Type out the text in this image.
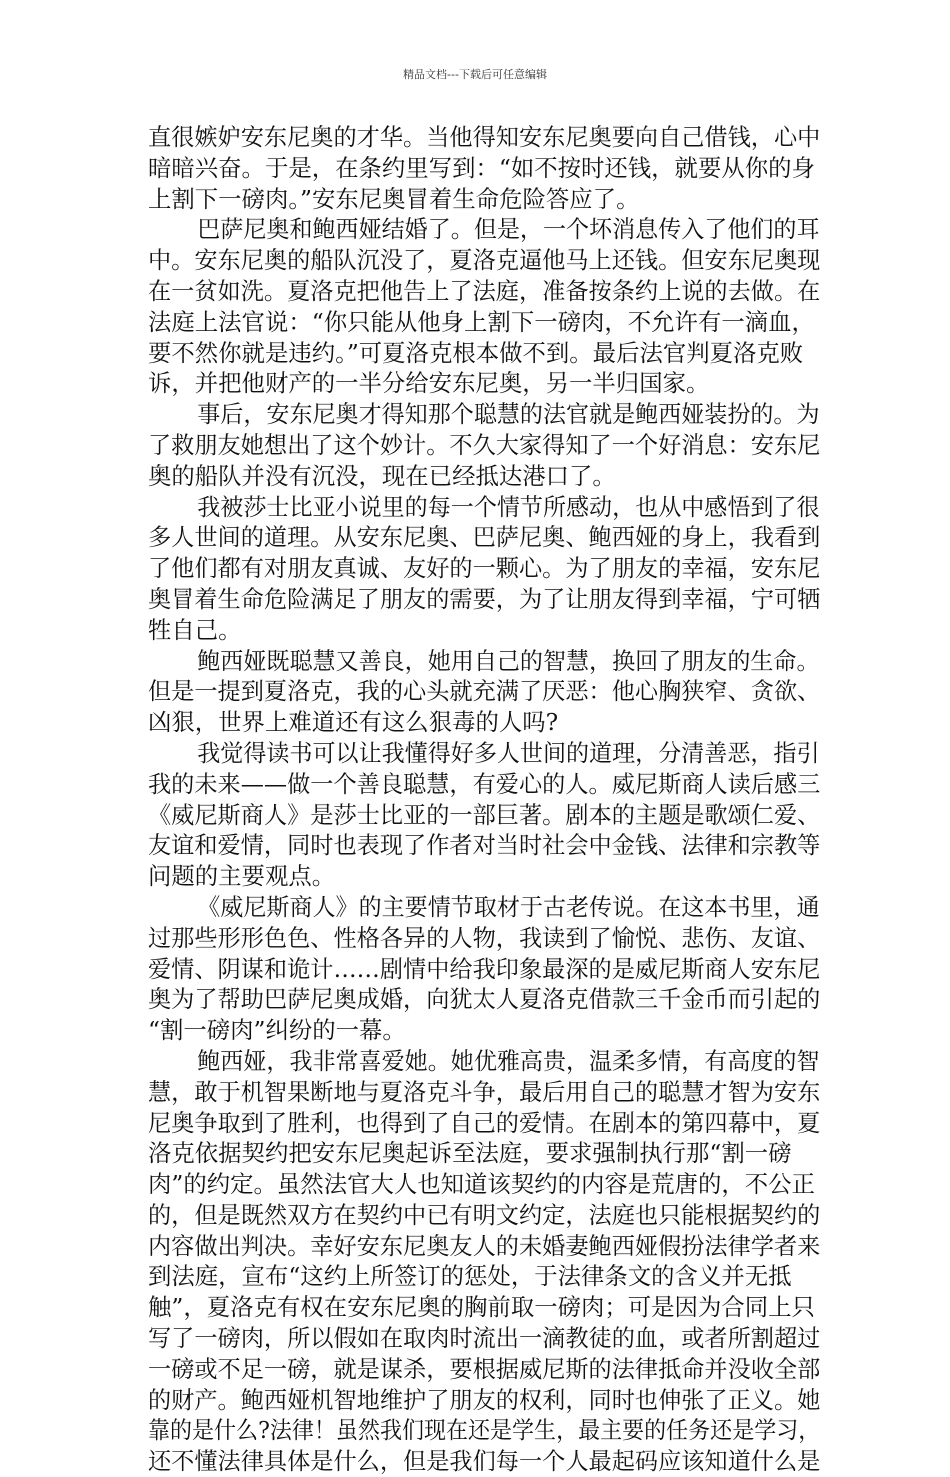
精品文档---下载后可任意编辑
直很嫉妒安东尼奥的才华。当他得知安东尼奥要向自己借钱，心中
暗暗兴奋。于是，在条约里写到：“如不按时还钱，就要从你的身
上割下一磅肉。”安东尼奥冒着生命危险答应了。
巴萨尼奥和鲍西娅结婚了。但是，一个坏消息传入了他们的耳
中。安东尼奥的船队沉没了，夏洛克逼他马上还钱。但安东尼奥现
在一贫如洗。夏洛克把他告上了法庭，准备按条约上说的去做。在
法庭上法官说：“你只能从他身上割下一磅肉，不允许有一滴血，
要不然你就是违约。”可夏洛克根本做不到。最后法官判夏洛克败
诉，并把他财产的一半分给安东尼奥，另一半归国家。
事后，安东尼奥才得知那个聪慧的法官就是鲍西娅装扮的。为
了救朋友她想出了这个妙计。不久大家得知了一个好消息：安东尼
奥的船队并没有沉没，现在已经抵达港口了。
我被莎士比亚小说里的每一个情节所感动，也从中感悟到了很
多人世间的道理。从安东尼奥、巴萨尼奥、鲍西娅的身上，我看到
了他们都有对朋友真诚、友好的一颗心。为了朋友的幸福，安东尼
奥冒着生命危险满足了朋友的需要，为了让朋友得到幸福，宁可牺
牲自己。
鲍西娅既聪慧又善良，她用自己的智慧，换回了朋友的生命。
但是一提到夏洛克，我的心头就充满了厌恶：他心胸狭窄、贪欲、
凶狠，世界上难道还有这么狠毒的人吗?
我觉得读书可以让我懂得好多人世间的道理，分清善恶，指引
我的未来——做一个善良聪慧，有爱心的人。威尼斯商人读后感三
《威尼斯商人》是莎士比亚的一部巨著。剧本的主题是歌颂仁爱、
友谊和爱情，同时也表现了作者对当时社会中金钱、法律和宗教等
问题的主要观点。
《威尼斯商人》的主要情节取材于古老传说。在这本书里，通
过那些形形色色、性格各异的人物，我读到了愉悦、悲伤、友谊、
爱情、阴谋和诡计……剧情中给我印象最深的是威尼斯商人安东尼
奥为了帮助巴萨尼奥成婚，向犹太人夏洛克借款三千金币而引起的
“割一磅肉”纠纷的一幕。
鲍西娅，我非常喜爱她。她优雅高贵，温柔多情，有高度的智
慧，敢于机智果断地与夏洛克斗争，最后用自己的聪慧才智为安东
尼奥争取到了胜利，也得到了自己的爱情。在剧本的第四幕中，夏
洛克依据契约把安东尼奥起诉至法庭，要求强制执行那“割一磅
肉”的约定。虽然法官大人也知道该契约的内容是荒唐的，不公正
的，但是既然双方在契约中已有明文约定，法庭也只能根据契约的
内容做出判决。幸好安东尼奥友人的未婚妻鲍西娅假扮法律学者来
到法庭，宣布“这约上所签订的惩处，于法律条文的含义并无抵
触”，夏洛克有权在安东尼奥的胸前取一磅肉；可是因为合同上只
写了一磅肉，所以假如在取肉时流出一滴教徒的血，或者所割超过
一磅或不足一磅，就是谋杀，要根据威尼斯的法律抵命并没收全部
的财产。鲍西娅机智地维护了朋友的权利，同时也伸张了正义。她
靠的是什么?法律！虽然我们现在还是学生，最主要的任务还是学习，
还不懂法律具体是什么，但是我们每一个人最起码应该知道什么是
